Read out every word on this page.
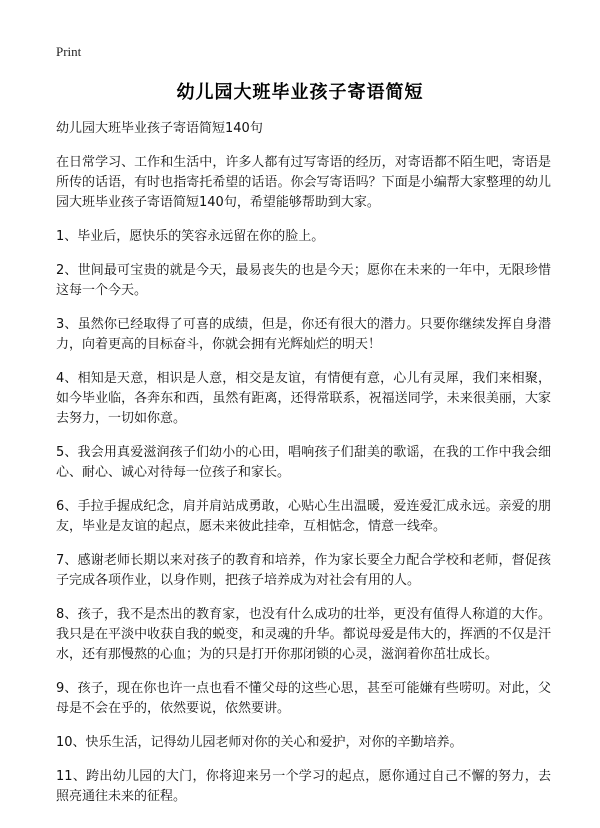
Print
幼儿园大班毕业孩子寄语简短

幼儿园大班毕业孩子寄语简短140句

在日常学习、工作和生活中，许多人都有过写寄语的经历，对寄语都不陌生吧，寄语是所传的话语，有时也指寄托希望的话语。你会写寄语吗？下面是小编帮大家整理的幼儿园大班毕业孩子寄语简短140句，希望能够帮助到大家。

1、毕业后，愿快乐的笑容永远留在你的脸上。

2、世间最可宝贵的就是今天，最易丧失的也是今天；愿你在未来的一年中，无限珍惜这每一个今天。

3、虽然你已经取得了可喜的成绩，但是，你还有很大的潜力。只要你继续发挥自身潜力，向着更高的目标奋斗，你就会拥有光辉灿烂的明天！

4、相知是天意，相识是人意，相交是友谊，有情便有意，心儿有灵犀，我们来相聚，如今毕业临，各奔东和西，虽然有距离，还得常联系，祝福送同学，未来很美丽，大家去努力，一切如你意。

5、我会用真爱滋润孩子们幼小的心田，唱响孩子们甜美的歌谣，在我的工作中我会细心、耐心、诚心对待每一位孩子和家长。

6、手拉手握成纪念，肩并肩站成勇敢，心贴心生出温暖，爱连爱汇成永远。亲爱的朋友，毕业是友谊的起点，愿未来彼此挂牵，互相惦念，情意一线牵。

7、感谢老师长期以来对孩子的教育和培养，作为家长要全力配合学校和老师，督促孩子完成各项作业，以身作则，把孩子培养成为对社会有用的人。

8、孩子，我不是杰出的教育家，也没有什么成功的壮举，更没有值得人称道的大作。我只是在平淡中收获自我的蜕变，和灵魂的升华。都说母爱是伟大的，挥洒的不仅是汗水，还有那慢熬的心血；为的只是打开你那闭锁的心灵，滋润着你茁壮成长。

9、孩子，现在你也许一点也看不懂父母的这些心思，甚至可能嫌有些唠叨。对此，父母是不会在乎的，依然要说，依然要讲。

10、快乐生活，记得幼儿园老师对你的关心和爱护，对你的辛勤培养。

11、跨出幼儿园的大门，你将迎来另一个学习的起点，愿你通过自己不懈的努力，去照亮通往未来的征程。
